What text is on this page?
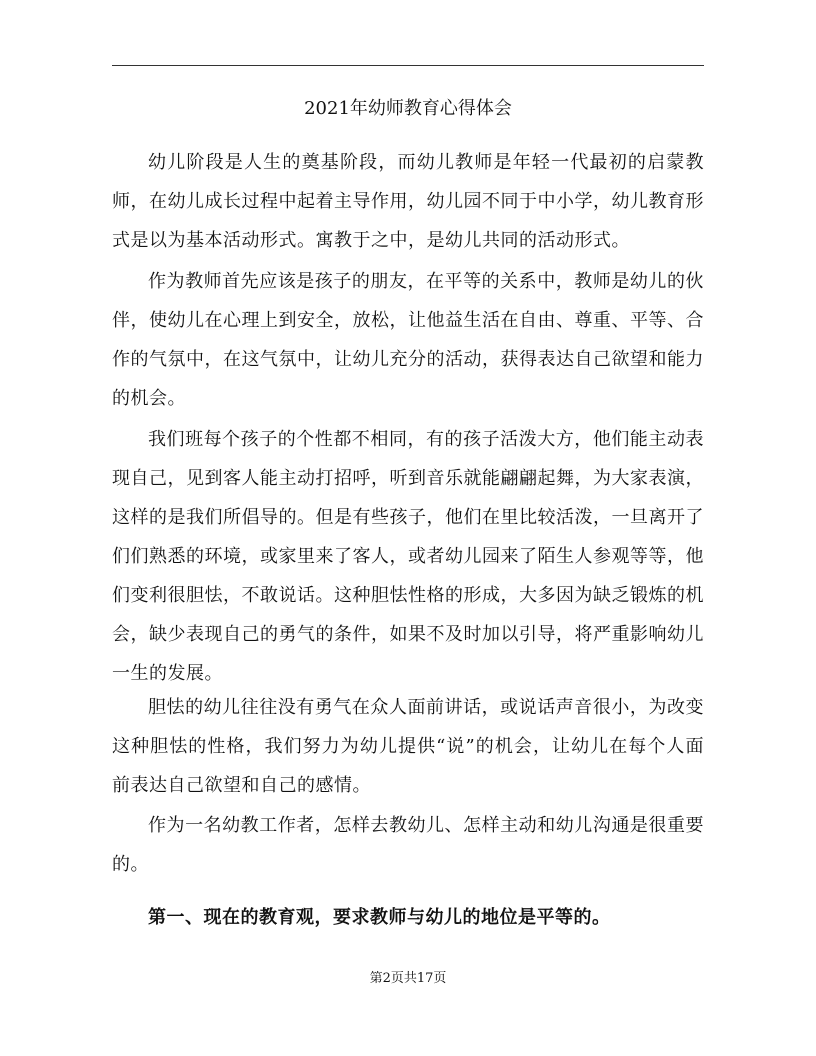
2021年幼师教育心得体会

幼儿阶段是人生的奠基阶段，而幼儿教师是年轻一代最初的启蒙教师，在幼儿成长过程中起着主导作用，幼儿园不同于中小学，幼儿教育形式是以为基本活动形式。寓教于之中，是幼儿共同的活动形式。

作为教师首先应该是孩子的朋友，在平等的关系中，教师是幼儿的伙伴，使幼儿在心理上到安全，放松，让他益生活在自由、尊重、平等、合作的气氛中，在这气氛中，让幼儿充分的活动，获得表达自己欲望和能力的机会。

我们班每个孩子的个性都不相同，有的孩子活泼大方，他们能主动表现自己，见到客人能主动打招呼，听到音乐就能翩翩起舞，为大家表演，这样的是我们所倡导的。但是有些孩子，他们在里比较活泼，一旦离开了们们熟悉的环境，或家里来了客人，或者幼儿园来了陌生人参观等等，他们变利很胆怯，不敢说话。这种胆怯性格的形成，大多因为缺乏锻炼的机会，缺少表现自己的勇气的条件，如果不及时加以引导，将严重影响幼儿一生的发展。

胆怯的幼儿往往没有勇气在众人面前讲话，或说话声音很小，为改变这种胆怯的性格，我们努力为幼儿提供“说”的机会，让幼儿在每个人面前表达自己欲望和自己的感情。

作为一名幼教工作者，怎样去教幼儿、怎样主动和幼儿沟通是很重要的。

第一、现在的教育观，要求教师与幼儿的地位是平等的。

第2页共17页
